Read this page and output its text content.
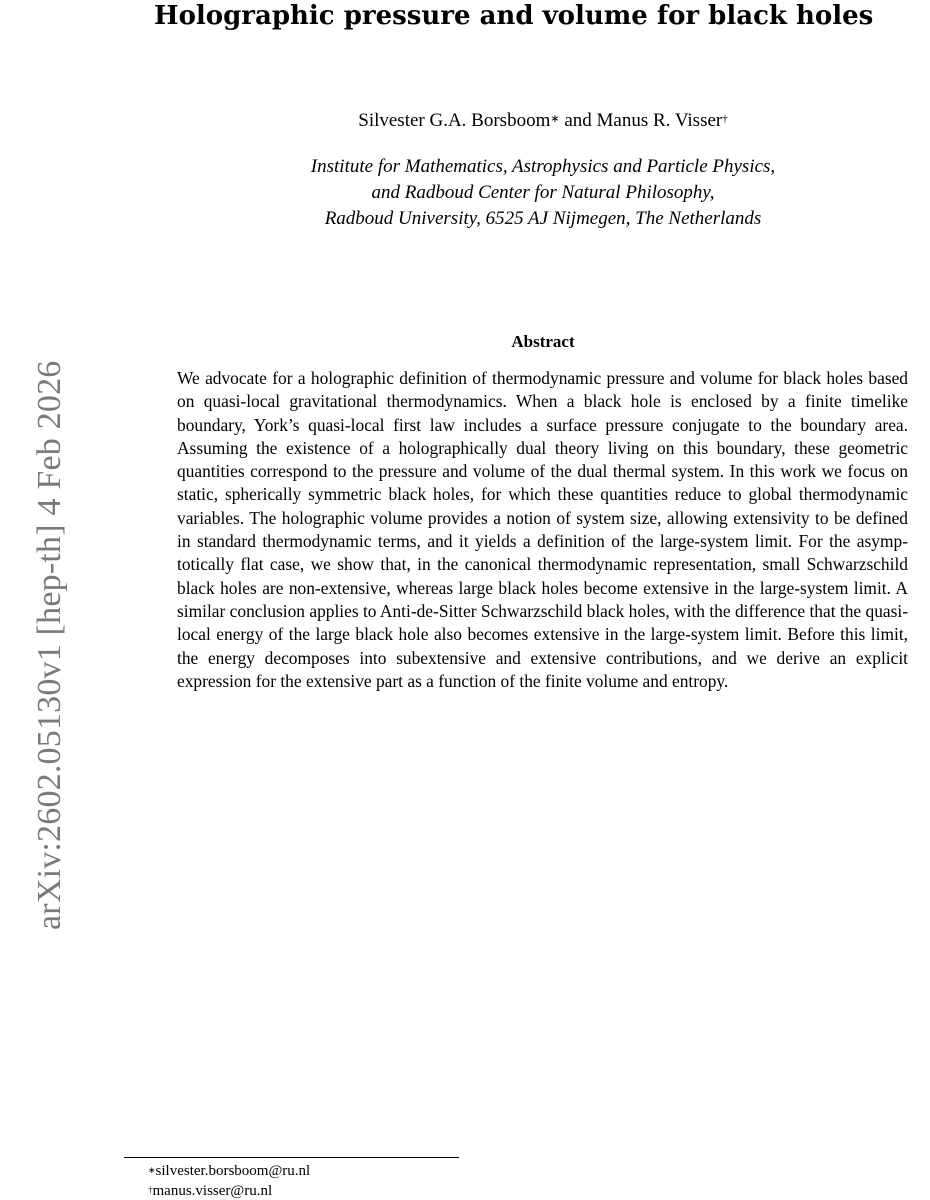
arXiv:2602.05130v1 [hep-th] 4 Feb 2026
Holographic pressure and volume for black holes
Silvester G.A. Borsboom∗ and Manus R. Visser†
Institute for Mathematics, Astrophysics and Particle Physics,
and Radboud Center for Natural Philosophy,
Radboud University, 6525 AJ Nijmegen, The Netherlands
Abstract

We advocate for a holographic definition of thermodynamic pressure and volume for black holes based on quasi-local gravitational thermodynamics. When a black hole is enclosed by a finite timelike boundary, York’s quasi-local first law includes a surface pressure conjugate to the boundary area. Assuming the existence of a holographically dual theory living on this boundary, these geometric quantities correspond to the pressure and volume of the dual thermal system. In this work we focus on static, spherically symmetric black holes, for which these quantities reduce to global thermodynamic variables. The holographic volume provides a notion of system size, allowing extensivity to be defined in standard thermodynamic terms, and it yields a definition of the large-system limit. For the asymptotically flat case, we show that, in the canonical thermodynamic representation, small Schwarzschild black holes are non-extensive, whereas large black holes become extensive in the large-system limit. A similar conclusion applies to Anti-de-Sitter Schwarzschild black holes, with the difference that the quasi-local energy of the large black hole also becomes extensive in the large-system limit. Before this limit, the energy decomposes into subextensive and extensive contributions, and we derive an explicit expression for the extensive part as a function of the finite volume and entropy.

∗silvester.borsboom@ru.nl
†manus.visser@ru.nl
